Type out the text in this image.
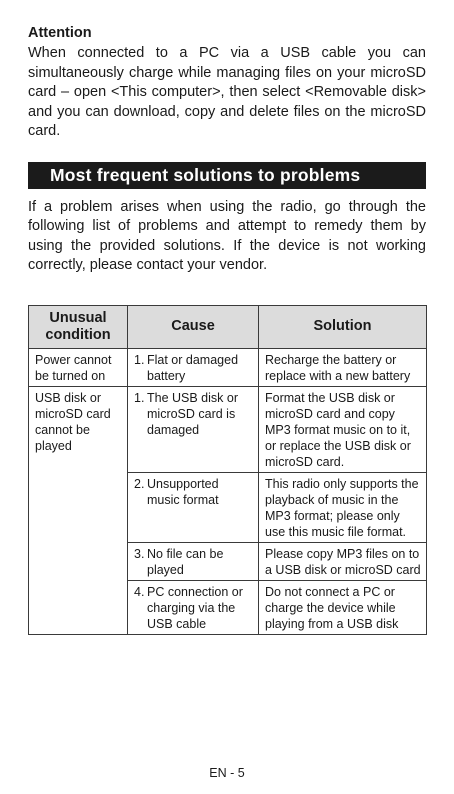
Attention

When connected to a PC via a USB cable you can simultaneously charge while managing files on your microSD card – open <This computer>, then select <Removable disk> and you can download, copy and delete files on the microSD card.

Most frequent solutions to problems

If a problem arises when using the radio, go through the following list of problems and attempt to remedy them by using the provided solutions. If the device is not working correctly, please contact your vendor.

Unusual condition	Cause	Solution
Power cannot be turned on	1. Flat or damaged battery	Recharge the battery or replace with a new battery
USB disk or microSD card cannot be played	1. The USB disk or microSD card is damaged	Format the USB disk or microSD card and copy MP3 format music on to it, or replace the USB disk or microSD card.

	2. Unsupported music format	This radio only supports the playback of music in the MP3 format; please only use this music file format.

	3. No file can be played	Please copy MP3 files on to a USB disk or microSD card

	4. PC connection or charging via the USB cable	Do not connect a PC or charge the device while playing from a USB disk
EN - 5
